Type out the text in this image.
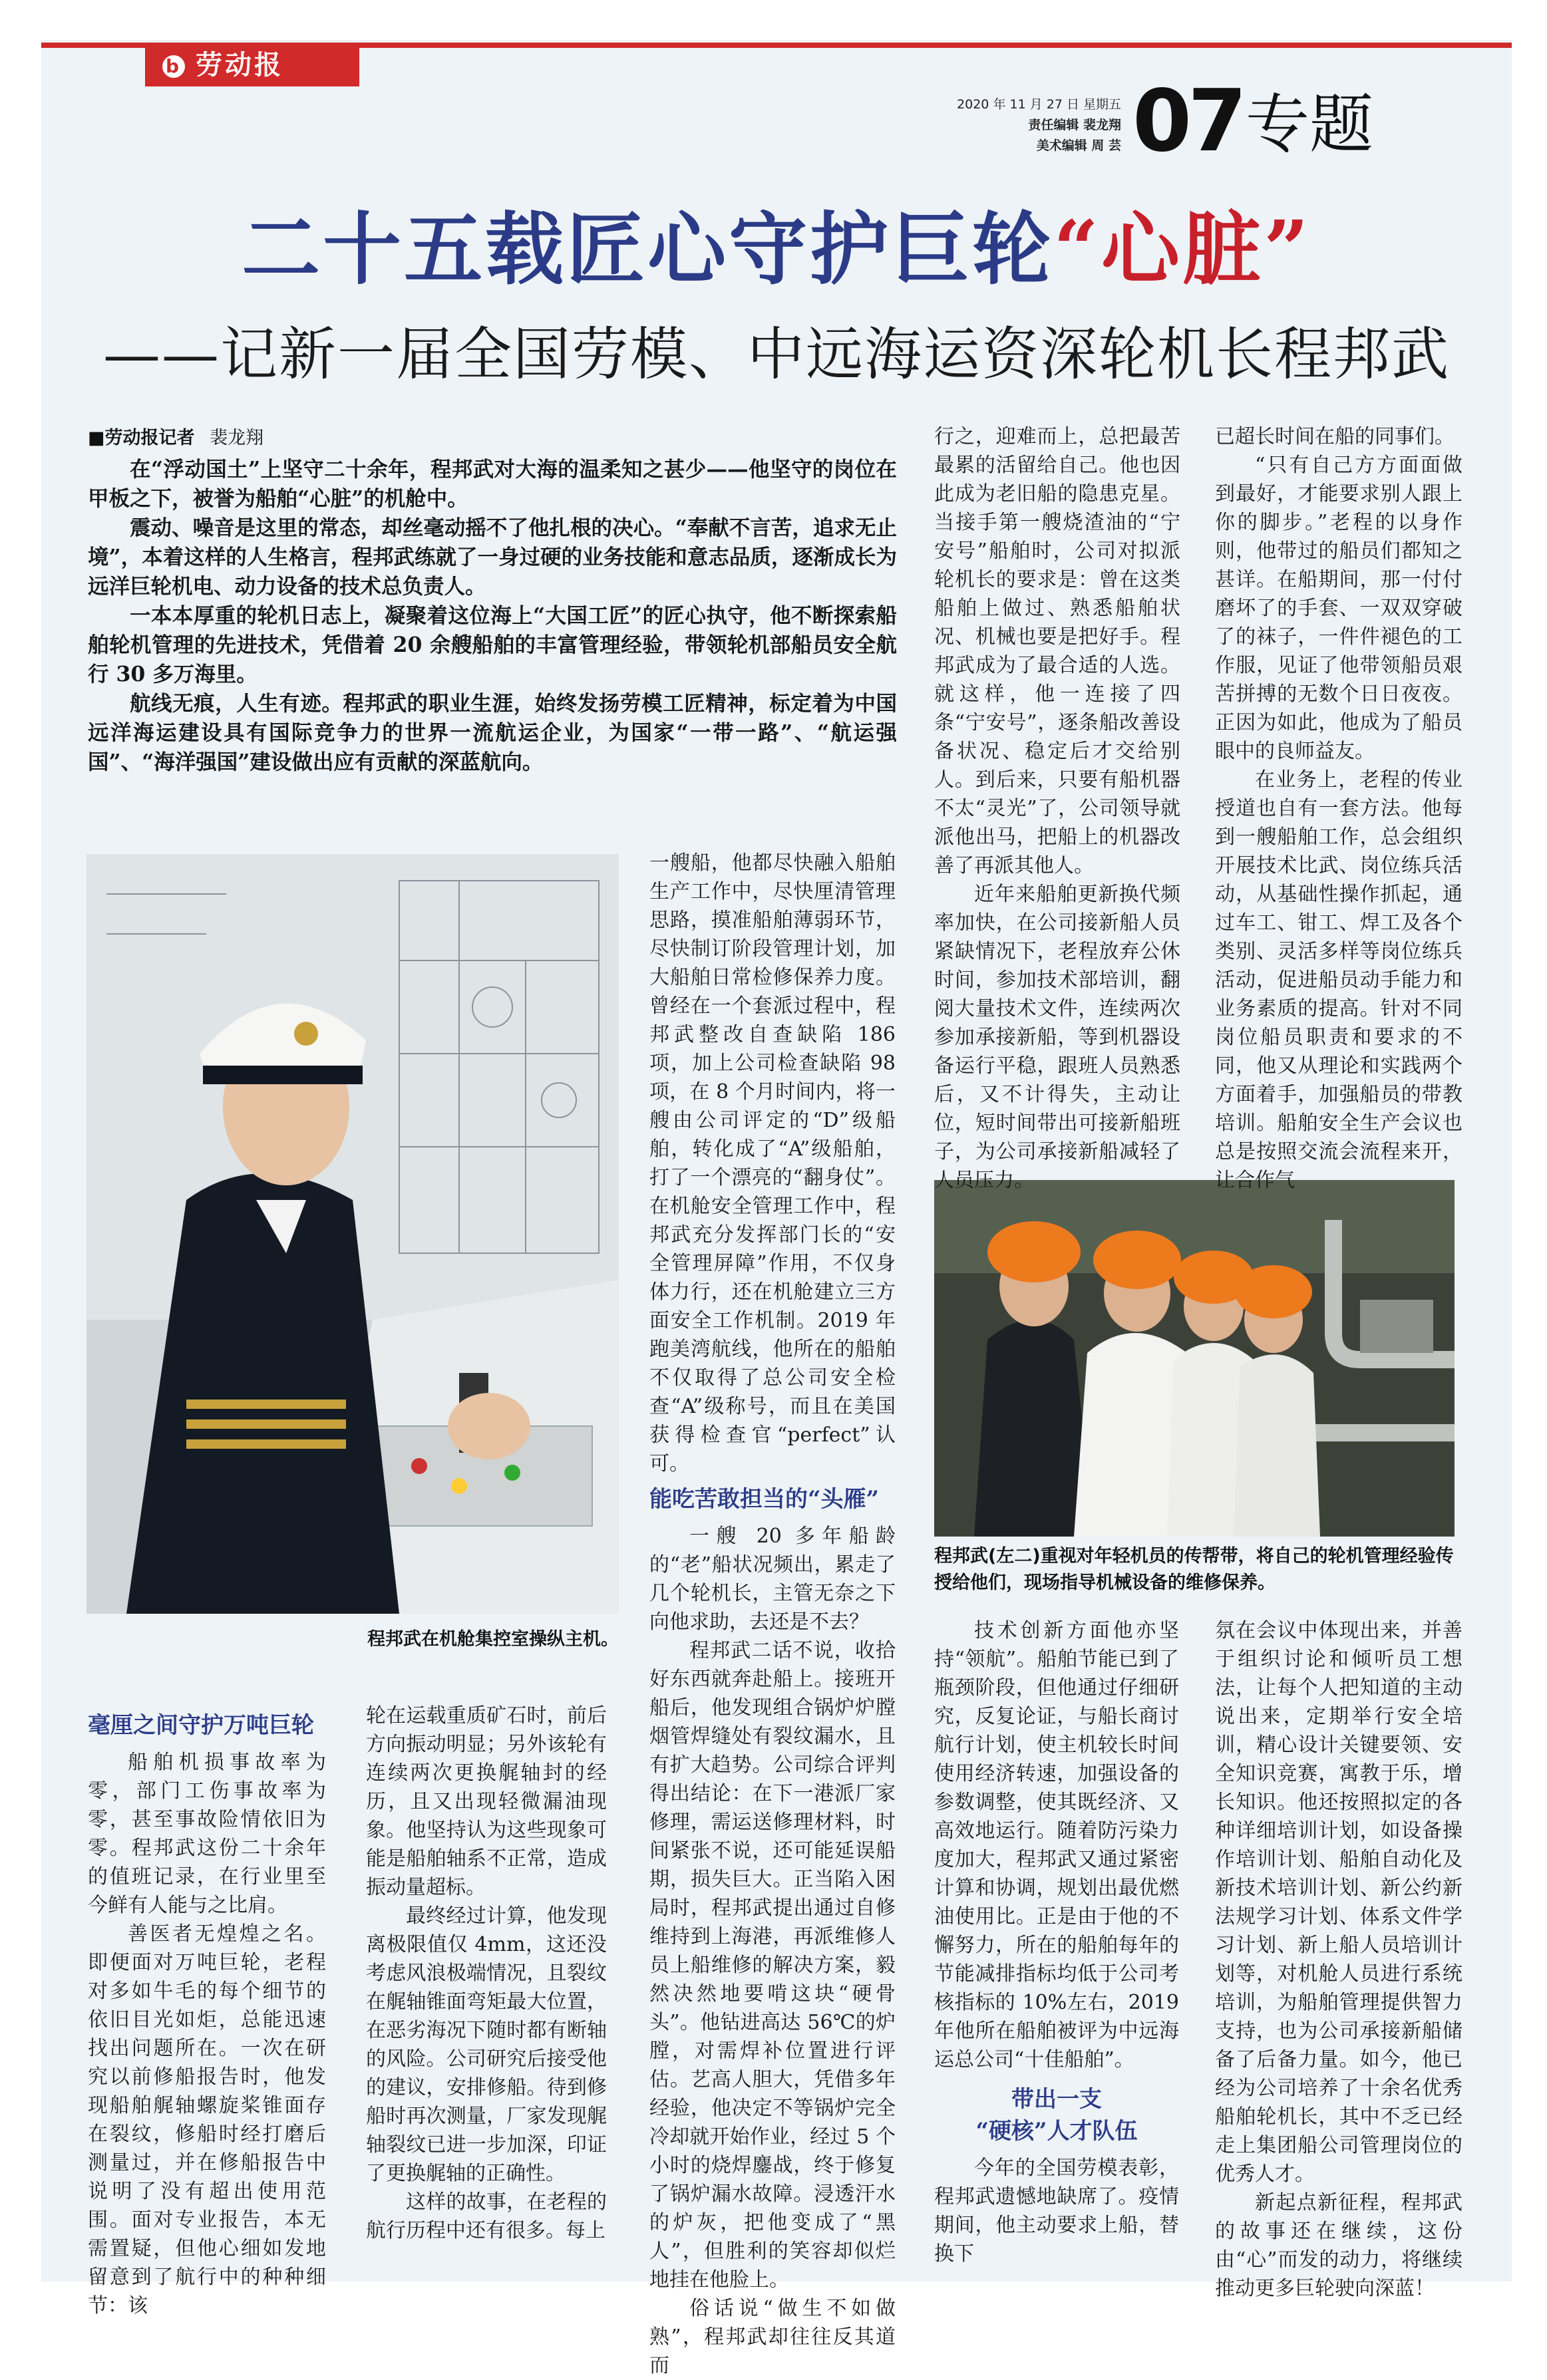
b 劳动报
2020 年 11 月 27 日 星期五
责任编辑 裴龙翔
美术编辑 周 芸 07 专题
二十五载匠心守护巨轮“心脏”
——记新一届全国劳模、中远海运资深轮机长程邦武
■劳动报记者 裴龙翔

在“浮动国土”上坚守二十余年，程邦武对大海的温柔知之甚少——他坚守的岗位在甲板之下，被誉为船舶“心脏”的机舱中。

震动、噪音是这里的常态，却丝毫动摇不了他扎根的决心。“奉献不言苦，追求无止境”，本着这样的人生格言，程邦武练就了一身过硬的业务技能和意志品质，逐渐成长为远洋巨轮机电、动力设备的技术总负责人。

一本本厚重的轮机日志上，凝聚着这位海上“大国工匠”的匠心执守，他不断探索船舶轮机管理的先进技术，凭借着 20 余艘船舶的丰富管理经验，带领轮机部船员安全航行 30 多万海里。

航线无痕，人生有迹。程邦武的职业生涯，始终发扬劳模工匠精神，标定着为中国远洋海运建设具有国际竞争力的世界一流航运企业，为国家“一带一路”、“航运强国”、“海洋强国”建设做出应有贡献的深蓝航向。

程邦武在机舱集控室操纵主机。
程邦武(左二)重视对年轻机员的传帮带，将自己的轮机管理经验传授给他们，现场指导机械设备的维修保养。
毫厘之间守护万吨巨轮

船舶机损事故率为零，部门工伤事故率为零，甚至事故险情依旧为零。程邦武这份二十余年的值班记录，在行业里至今鲜有人能与之比肩。

善医者无煌煌之名。即便面对万吨巨轮，老程对多如牛毛的每个细节的依旧目光如炬，总能迅速找出问题所在。一次在研究以前修船报告时，他发现船舶艉轴螺旋桨锥面存在裂纹，修船时经打磨后测量过，并在修船报告中说明了没有超出使用范围。面对专业报告，本无需置疑，但他心细如发地留意到了航行中的种种细节：该

轮在运载重质矿石时，前后方向振动明显；另外该轮有连续两次更换艉轴封的经历，且又出现轻微漏油现象。他坚持认为这些现象可能是船舶轴系不正常，造成振动量超标。

最终经过计算，他发现离极限值仅 4mm，这还没考虑风浪极端情况，且裂纹在艉轴锥面弯矩最大位置，在恶劣海况下随时都有断轴的风险。公司研究后接受他的建议，安排修船。待到修船时再次测量，厂家发现艉轴裂纹已进一步加深，印证了更换艉轴的正确性。

这样的故事，在老程的航行历程中还有很多。每上

一艘船，他都尽快融入船舶生产工作中，尽快厘清管理思路，摸准船舶薄弱环节，尽快制订阶段管理计划，加大船舶日常检修保养力度。曾经在一个套派过程中，程邦武整改自查缺陷 186 项，加上公司检查缺陷 98 项，在 8 个月时间内，将一艘由公司评定的“D”级船舶，转化成了“A”级船舶，打了一个漂亮的“翻身仗”。在机舱安全管理工作中，程邦武充分发挥部门长的“安全管理屏障”作用，不仅身体力行，还在机舱建立三方面安全工作机制。2019 年跑美湾航线，他所在的船舶不仅取得了总公司安全检查“A”级称号，而且在美国获得检查官“perfect”认可。

能吃苦敢担当的“头雁”

一艘 20 多年船龄的“老”船状况频出，累走了几个轮机长，主管无奈之下向他求助，去还是不去？

程邦武二话不说，收拾好东西就奔赴船上。接班开船后，他发现组合锅炉炉膛烟管焊缝处有裂纹漏水，且有扩大趋势。公司综合评判得出结论：在下一港派厂家修理，需运送修理材料，时间紧张不说，还可能延误船期，损失巨大。正当陷入困局时，程邦武提出通过自修维持到上海港，再派维修人员上船维修的解决方案，毅然决然地要啃这块“硬骨头”。他钻进高达 56℃的炉膛，对需焊补位置进行评估。艺高人胆大，凭借多年经验，他决定不等锅炉完全冷却就开始作业，经过 5 个小时的烧焊鏖战，终于修复了锅炉漏水故障。浸透汗水的炉灰，把他变成了“黑人”，但胜利的笑容却似烂地挂在他脸上。

俗话说“做生不如做熟”，程邦武却往往反其道而

行之，迎难而上，总把最苦最累的活留给自己。他也因此成为老旧船的隐患克星。当接手第一艘烧渣油的“宁安号”船舶时，公司对拟派轮机长的要求是：曾在这类船舶上做过、熟悉船舶状况、机械也要是把好手。程邦武成为了最合适的人选。就这样，他一连接了四条“宁安号”，逐条船改善设备状况、稳定后才交给别人。到后来，只要有船机器不太“灵光”了，公司领导就派他出马，把船上的机器改善了再派其他人。

近年来船舶更新换代频率加快，在公司接新船人员紧缺情况下，老程放弃公休时间，参加技术部培训，翻阅大量技术文件，连续两次参加承接新船，等到机器设备运行平稳，跟班人员熟悉后，又不计得失，主动让位，短时间带出可接新船班子，为公司承接新船减轻了人员压力。

技术创新方面他亦坚持“领航”。船舶节能已到了瓶颈阶段，但他通过仔细研究，反复论证，与船长商讨航行计划，使主机较长时间使用经济转速，加强设备的参数调整，使其既经济、又高效地运行。随着防污染力度加大，程邦武又通过紧密计算和协调，规划出最优燃油使用比。正是由于他的不懈努力，所在的船舶每年的节能减排指标均低于公司考核指标的 10%左右，2019 年他所在船舶被评为中远海运总公司“十佳船舶”。

带出一支
“硬核”人才队伍

今年的全国劳模表彰，程邦武遗憾地缺席了。疫情期间，他主动要求上船，替换下

已超长时间在船的同事们。

“只有自己方方面面做到最好，才能要求别人跟上你的脚步。”老程的以身作则，他带过的船员们都知之甚详。在船期间，那一付付磨坏了的手套、一双双穿破了的袜子，一件件褪色的工作服，见证了他带领船员艰苦拼搏的无数个日日夜夜。正因为如此，他成为了船员眼中的良师益友。

在业务上，老程的传业授道也自有一套方法。他每到一艘船舶工作，总会组织开展技术比武、岗位练兵活动，从基础性操作抓起，通过车工、钳工、焊工及各个类别、灵活多样等岗位练兵活动，促进船员动手能力和业务素质的提高。针对不同岗位船员职责和要求的不同，他又从理论和实践两个方面着手，加强船员的带教培训。船舶安全生产会议也总是按照交流会流程来开，让合作气

氛在会议中体现出来，并善于组织讨论和倾听员工想法，让每个人把知道的主动说出来，定期举行安全培训，精心设计关键要领、安全知识竞赛，寓教于乐，增长知识。他还按照拟定的各种详细培训计划，如设备操作培训计划、船舶自动化及新技术培训计划、新公约新法规学习计划、体系文件学习计划、新上船人员培训计划等，对机舱人员进行系统培训，为船舶管理提供智力支持，也为公司承接新船储备了后备力量。如今，他已经为公司培养了十余名优秀船舶轮机长，其中不乏已经走上集团船公司管理岗位的优秀人才。

新起点新征程，程邦武的故事还在继续，这份由“心”而发的动力，将继续推动更多巨轮驶向深蓝！
